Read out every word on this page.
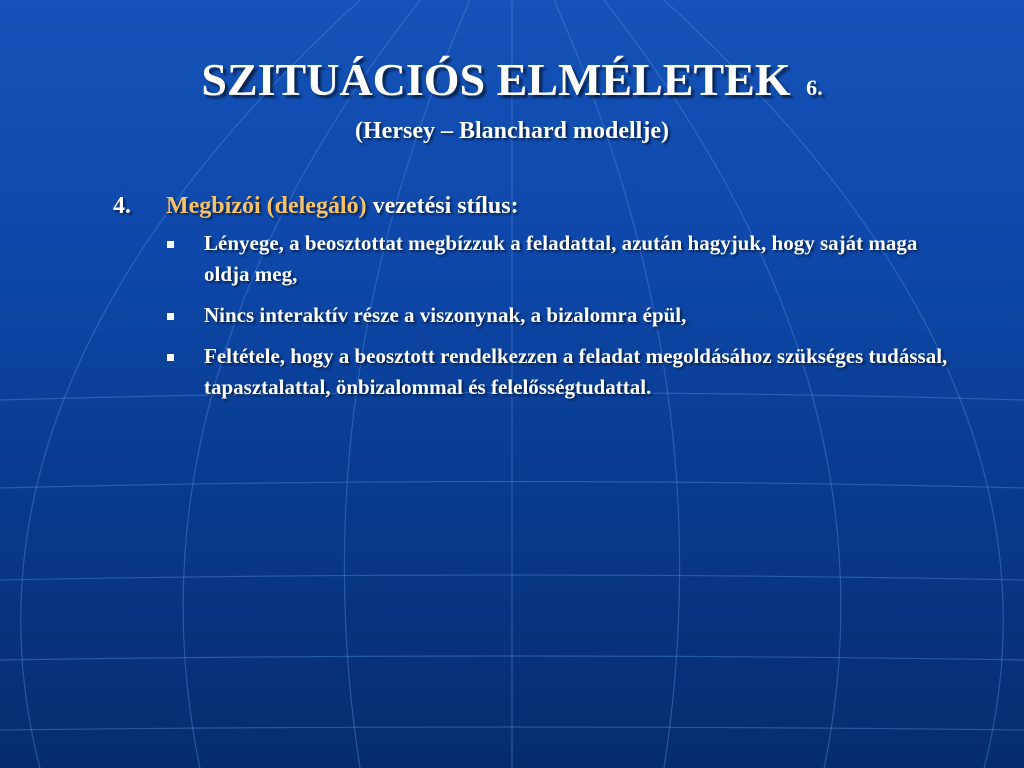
SZITUÁCIÓS ELMÉLETEK 6.
(Hersey – Blanchard modellje)
4.	Megbízói (delegáló) vezetési stílus:
Lényege, a beosztottat megbízzuk a feladattal, azután hagyjuk, hogy saját maga oldja meg,
Nincs interaktív része a viszonynak, a bizalomra épül,
Feltétele, hogy a beosztott rendelkezzen a feladat megoldásához szükséges tudással, tapasztalattal, önbizalommal és felelősségtudattal.
